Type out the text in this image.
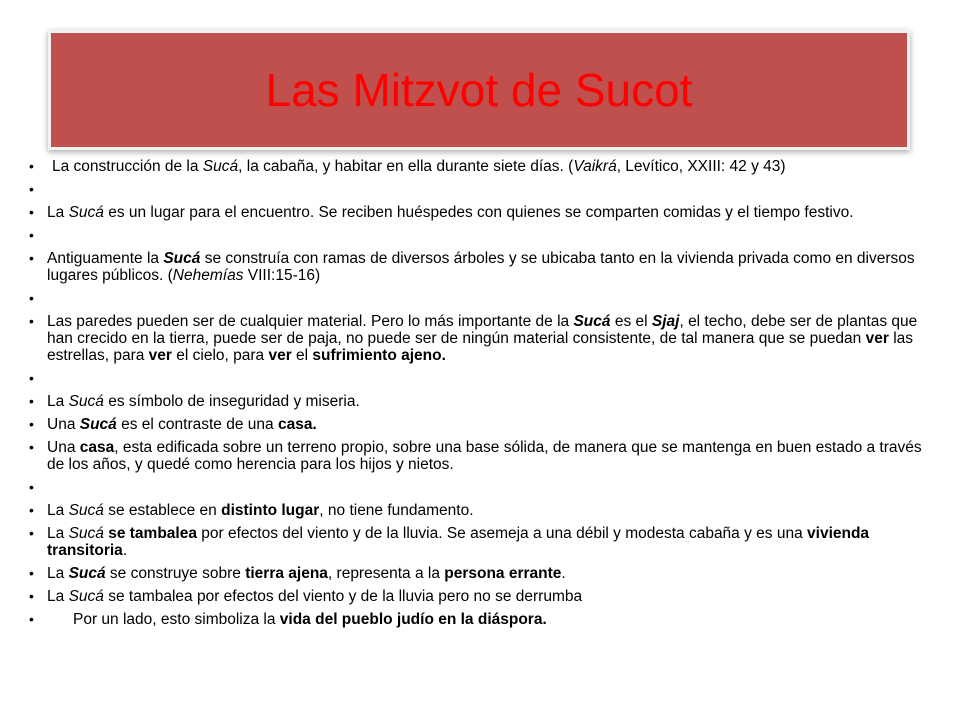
Las Mitzvot de Sucot
•	La construcción de la Sucá, la cabaña, y habitar en ella durante siete días. (Vaikrá, Levítico, XXIII: 42 y 43)
•

• La Sucá es un lugar para el encuentro. Se reciben huéspedes con quienes se comparten comidas y el tiempo festivo.
•

• Antiguamente la Sucá se construía con ramas de diversos árboles y se ubicaba tanto en la vivienda privada como en diversos lugares públicos. (Nehemías VIII:15-16)
•

• Las paredes pueden ser de cualquier material. Pero lo más importante de la Sucá es el Sjaj, el techo, debe ser de plantas que han crecido en la tierra, puede ser de paja, no puede ser de ningún material consistente, de tal manera que se puedan ver las estrellas, para ver el cielo, para ver el sufrimiento ajeno.
•

• La Sucá es símbolo de inseguridad y miseria.
• Una Sucá es el contraste de una casa.
• Una casa, esta edificada sobre un terreno propio, sobre una base sólida, de manera que se mantenga en buen estado a través de los años, y quedé como herencia para los hijos y nietos.
•

• La Sucá se establece en distinto lugar, no tiene fundamento.
• La Sucá se tambalea por efectos del viento y de la lluvia. Se asemeja a una débil y modesta cabaña y es una vivienda transitoria.
• La Sucá se construye sobre tierra ajena, representa a la persona errante.
• La Sucá se tambalea por efectos del viento y de la lluvia pero no se derrumba
•	Por un lado, esto simboliza la vida del pueblo judío en la diáspora.
